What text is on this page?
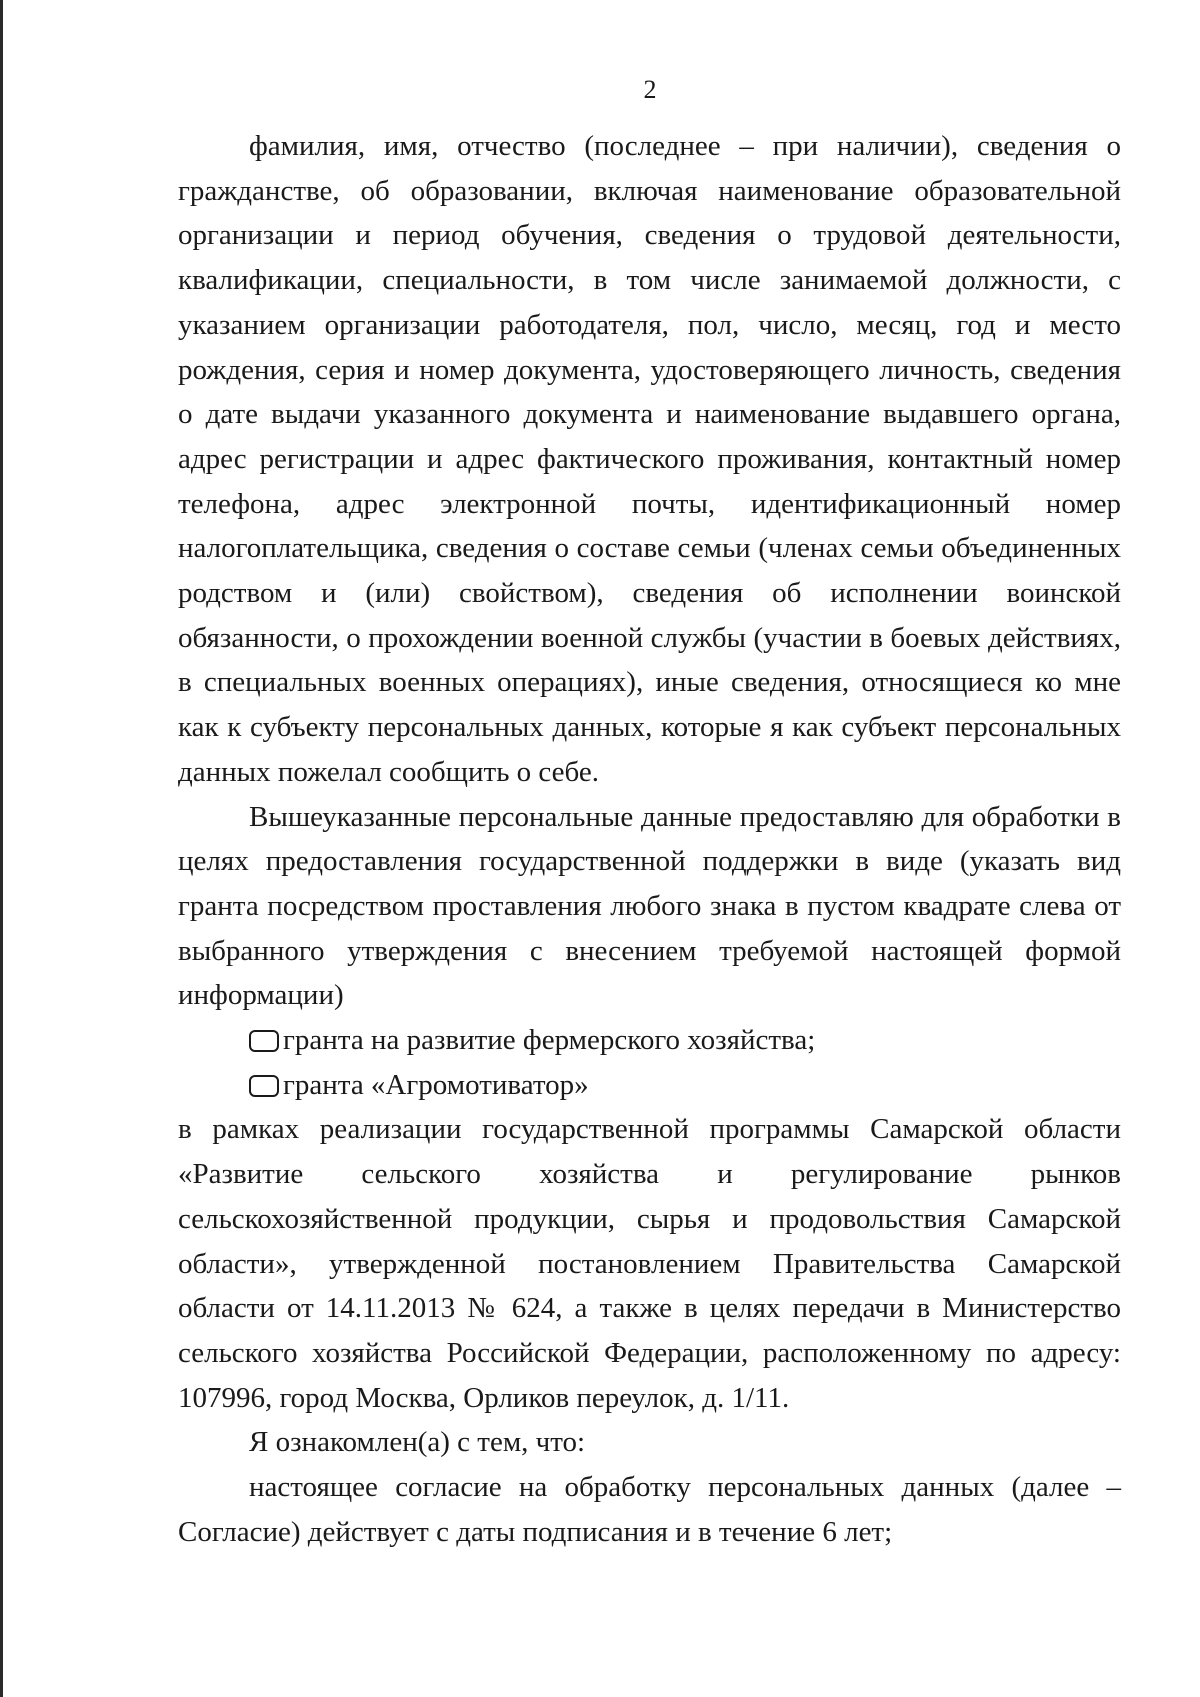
2

фамилия, имя, отчество (последнее – при наличии), сведения о гражданстве, об образовании, включая наименование образовательной организации и период обучения, сведения о трудовой деятельности, квалификации, специальности, в том числе занимаемой должности, с указанием организации работодателя, пол, число, месяц, год и место рождения, серия и номер документа, удостоверяющего личность, сведения о дате выдачи указанного документа и наименование выдавшего органа, адрес регистрации и адрес фактического проживания, контактный номер телефона, адрес электронной почты, идентификационный номер налогоплательщика, сведения о составе семьи (членах семьи объединенных родством и (или) свойством), сведения об исполнении воинской обязанности, о прохождении военной службы (участии в боевых действиях, в специальных военных операциях), иные сведения, относящиеся ко мне как к субъекту персональных данных, которые я как субъект персональных данных пожелал сообщить о себе.

Вышеуказанные персональные данные предоставляю для обработки в целях предоставления государственной поддержки в виде (указать вид гранта посредством проставления любого знака в пустом квадрате слева от выбранного утверждения с внесением требуемой настоящей формой информации)

гранта на развитие фермерского хозяйства;
гранта «Агромотиватор»

в рамках реализации государственной программы Самарской области «Развитие сельского хозяйства и регулирование рынков сельскохозяйственной продукции, сырья и продовольствия Самарской области», утвержденной постановлением Правительства Самарской области от 14.11.2013 № 624, а также в целях передачи в Министерство сельского хозяйства Российской Федерации, расположенному по адресу: 107996, город Москва, Орликов переулок, д. 1/11.

Я ознакомлен(а) с тем, что:

настоящее согласие на обработку персональных данных (далее – Согласие) действует с даты подписания и в течение 6 лет;
